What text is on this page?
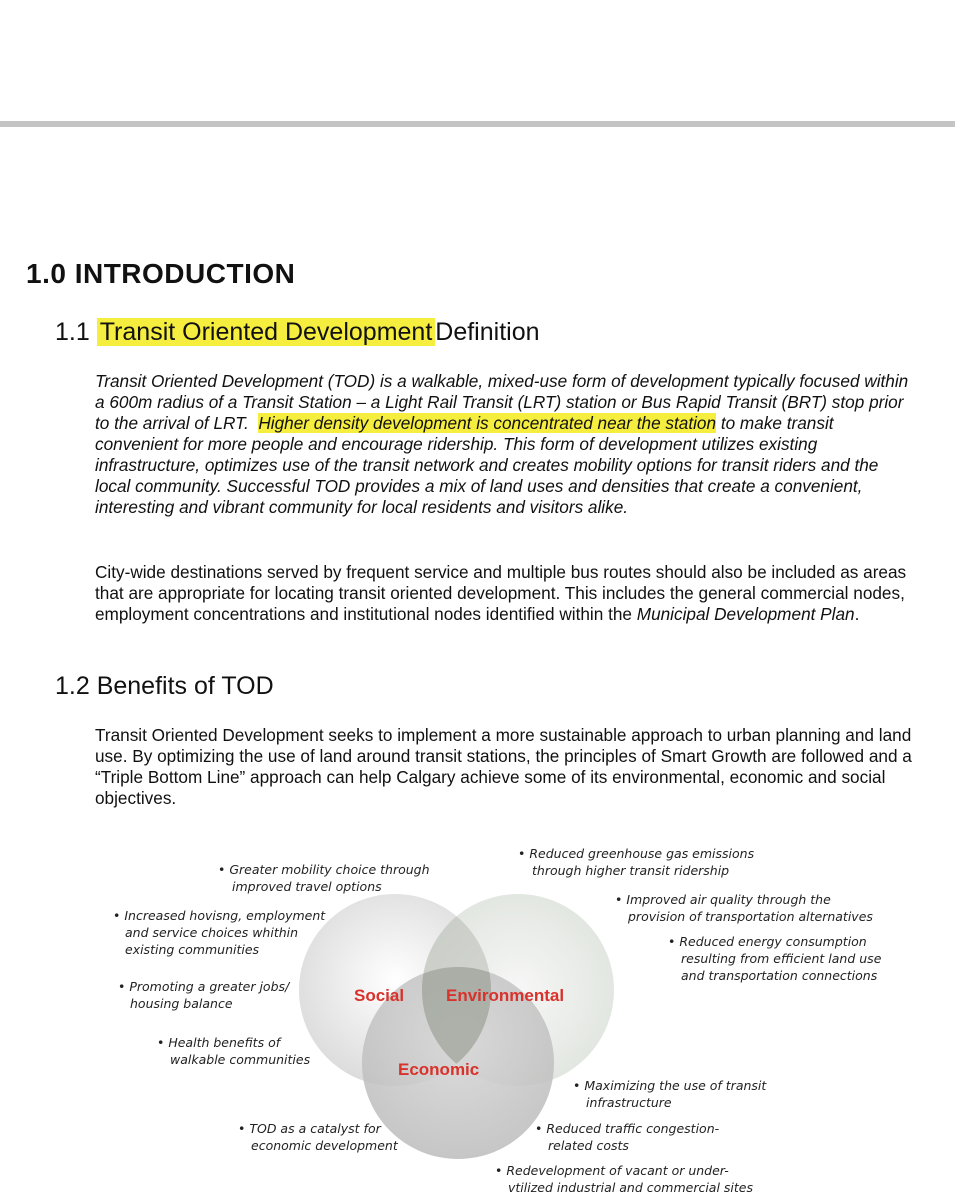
1.0 INTRODUCTION
1.1 Transit Oriented Development Definition

Transit Oriented Development (TOD) is a walkable, mixed-use form of development typically focused within a 600m radius of a Transit Station – a Light Rail Transit (LRT) station or Bus Rapid Transit (BRT) stop prior to the arrival of LRT. Higher density development is concentrated near the station to make transit convenient for more people and encourage ridership. This form of development utilizes existing infrastructure, optimizes use of the transit network and creates mobility options for transit riders and the local community. Successful TOD provides a mix of land uses and densities that create a convenient, interesting and vibrant community for local residents and visitors alike.

City-wide destinations served by frequent service and multiple bus routes should also be included as areas that are appropriate for locating transit oriented development. This includes the general commercial nodes, employment concentrations and institutional nodes identified within the Municipal Development Plan.

1.2 Benefits of TOD

Transit Oriented Development seeks to implement a more sustainable approach to urban planning and land use. By optimizing the use of land around transit stations, the principles of Smart Growth are followed and a “Triple Bottom Line” approach can help Calgary achieve some of its environmental, economic and social objectives.

Social Environmental
Economic
• Greater mobility choice through improved travel options
• Increased hovisng, employment and service choices whithin existing communities
• Promoting a greater jobs/ housing balance
• Health benefits of walkable communities
• TOD as a catalyst for economic development
• Reduced greenhouse gas emissions through higher transit ridership
• Improved air quality through the provision of transportation alternatives
• Reduced energy consumption resulting from efficient land use and transportation connections
• Maximizing the use of transit infrastructure
• Reduced traffic congestion- related costs
• Redevelopment of vacant or under- vtilized industrial and commercial sites
